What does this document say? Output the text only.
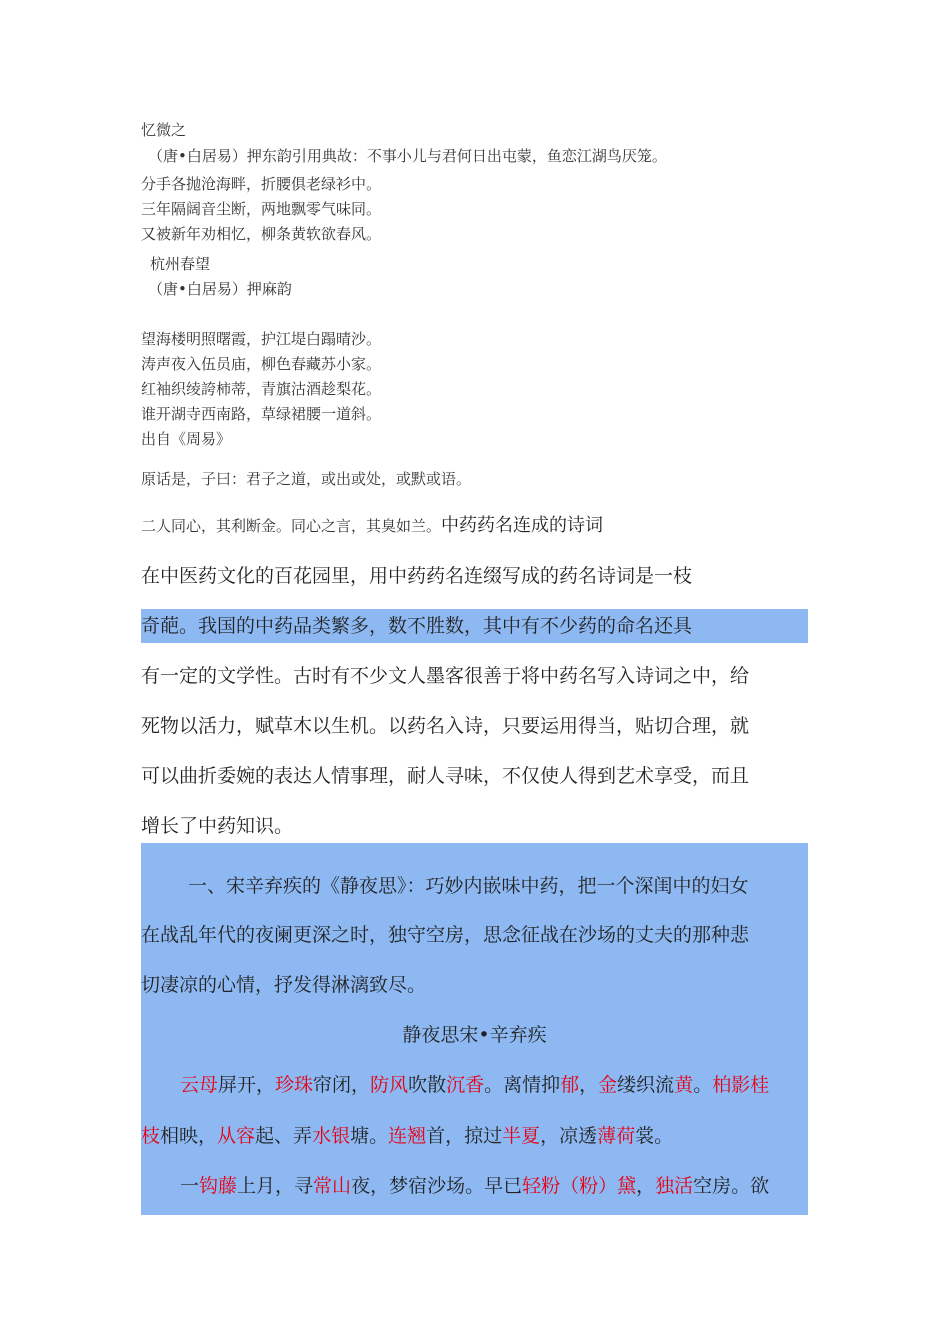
忆微之
（唐•白居易）押东韵引用典故：不事小儿与君何日出屯蒙，鱼恋江湖鸟厌笼。
分手各抛沧海畔，折腰俱老绿衫中。
三年隔阔音尘断，两地飘零气味同。
又被新年劝相忆，柳条黄软欲春风。
杭州春望
（唐•白居易）押麻韵
望海楼明照曙霞，护江堤白蹋晴沙。
涛声夜入伍员庙，柳色春藏苏小家。
红袖织绫誇柿蒂，青旗沽酒趁梨花。
谁开湖寺西南路，草绿裙腰一道斜。
出自《周易》
原话是，子曰：君子之道，或出或处，或默或语。
二人同心，其利断金。同心之言，其臭如兰。中药药名连成的诗词
在中医药文化的百花园里，用中药药名连缀写成的药名诗词是一枝
奇葩。我国的中药品类繁多，数不胜数，其中有不少药的命名还具
有一定的文学性。古时有不少文人墨客很善于将中药名写入诗词之中，给
死物以活力，赋草木以生机。以药名入诗，只要运用得当，贴切合理，就
可以曲折委婉的表达人情事理，耐人寻味，不仅使人得到艺术享受，而且
增长了中药知识。
一、宋辛弃疾的《静夜思》：巧妙内嵌味中药，把一个深闺中的妇女
在战乱年代的夜阑更深之时，独守空房，思念征战在沙场的丈夫的那种悲
切凄凉的心情，抒发得淋漓致尽。
静夜思宋•辛弃疾
云母屏开，珍珠帘闭，防风吹散沉香。离情抑郁，金缕织流黄。柏影桂
枝相映，从容起、弄水银塘。连翘首，掠过半夏，凉透薄荷裳。
一钩藤上月，寻常山夜，梦宿沙场。早已轻粉（粉）黛，独活空房。欲
